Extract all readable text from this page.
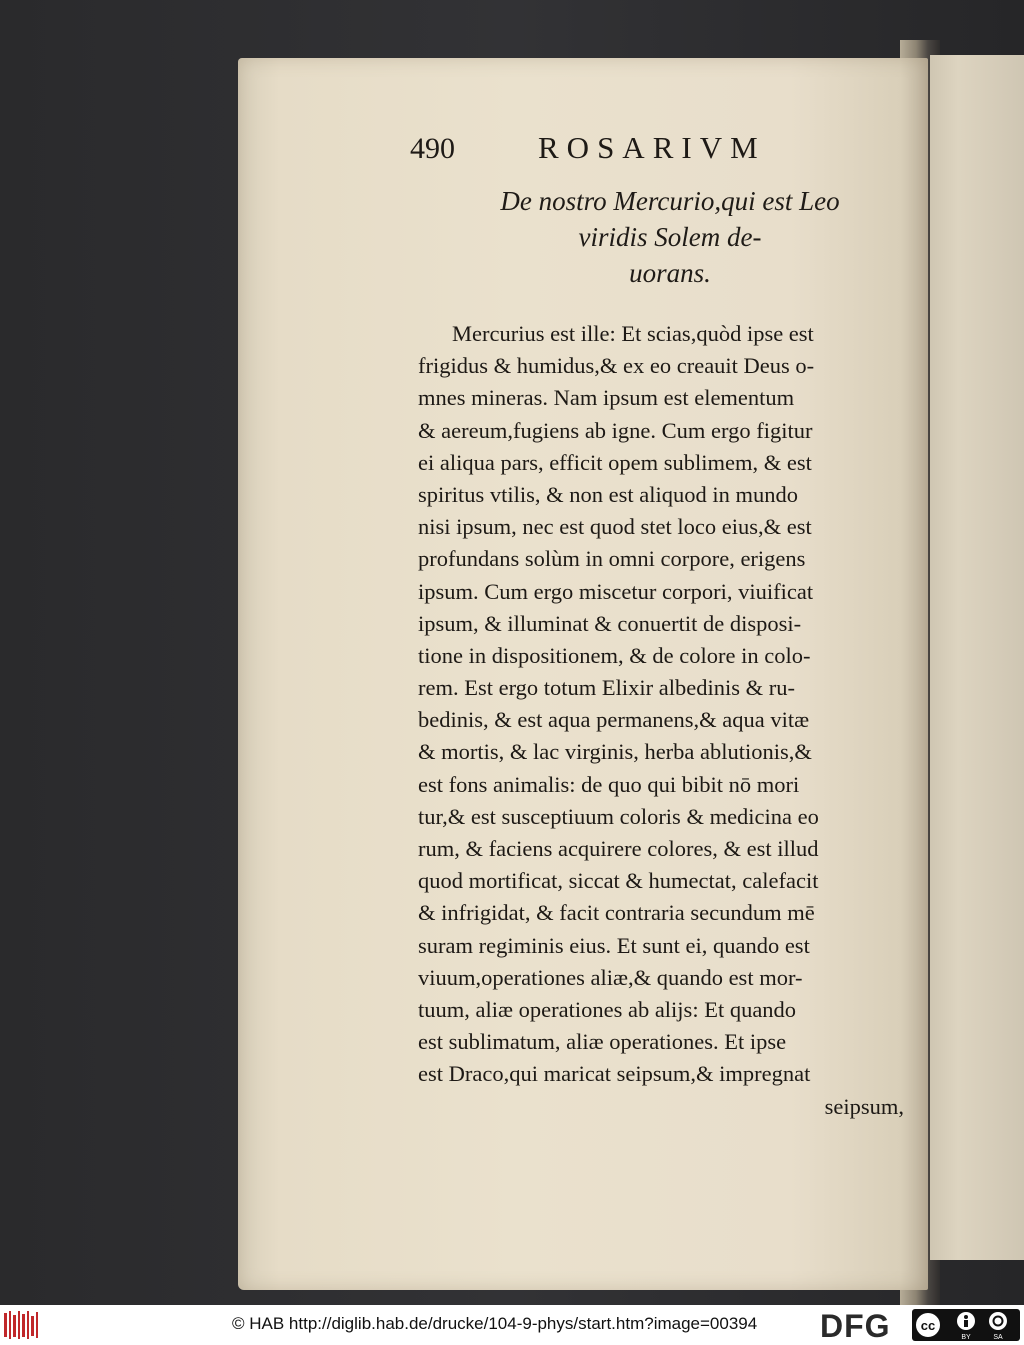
490	ROSARIVM
De nostro Mercurio,qui est Leo
viridis Solem de-
uorans.
Mercurius est ille: Et scias,quòd ipse est
frigidus & humidus,& ex eo creauit Deus o-
mnes mineras. Nam ipsum est elementum
& aereum,fugiens ab igne. Cum ergo figitur
ei aliqua pars, efficit opem sublimem, & est
spiritus vtilis, & non est aliquod in mundo
nisi ipsum, nec est quod stet loco eius,& est
profundans solùm in omni corpore, erigens
ipsum. Cum ergo miscetur corpori, viuificat
ipsum, & illuminat & conuertit de disposi-
tione in dispositionem, & de colore in colo-
rem. Est ergo totum Elixir albedinis & ru-
bedinis, & est aqua permanens,& aqua vitæ
& mortis, & lac virginis, herba ablutionis,&
est fons animalis: de quo qui bibit nō mori
tur,& est susceptiuum coloris & medicina eo
rum, & faciens acquirere colores, & est illud
quod mortificat, siccat & humectat, calefacit
& infrigidat, & facit contraria secundum mē
suram regiminis eius. Et sunt ei, quando est
viuum,operationes aliæ,& quando est mor-
tuum, aliæ operationes ab alijs: Et quando
est sublimatum, aliæ operationes. Et ipse
est Draco,qui maricat seipsum,& impregnat
seipsum,
© HAB http://diglib.hab.de/drucke/104-9-phys/start.htm?image=00394 DFG cc
BY	SA
